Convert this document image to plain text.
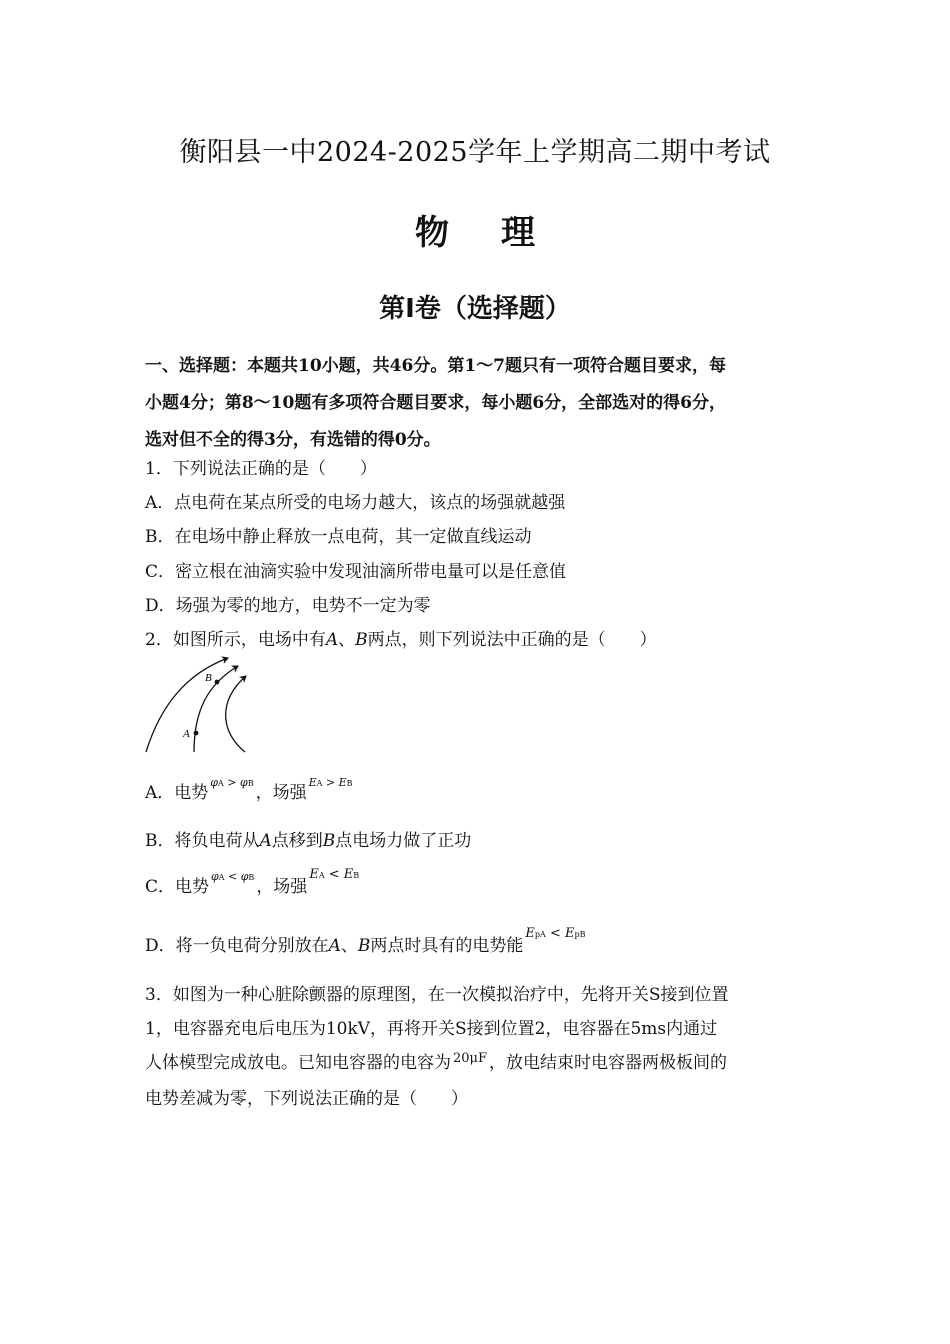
衡阳县一中2024-2025学年上学期高二期中考试
物 理
第Ⅰ卷（选择题）
一、选择题：本题共10小题，共46分。第1～7题只有一项符合题目要求，每
小题4分；第8～10题有多项符合题目要求，每小题6分，全部选对的得6分，
选对但不全的得3分，有选错的得0分。
1．下列说法正确的是（　　）
A．点电荷在某点所受的电场力越大，该点的场强就越强
B．在电场中静止释放一点电荷，其一定做直线运动
C．密立根在油滴实验中发现油滴所带电量可以是任意值
D．场强为零的地方，电势不一定为零
2．如图所示，电场中有A、B两点，则下列说法中正确的是（　　）
A
B
A．电势$^{\varphi A > \varphi B}$ ，场强$^{EA > EB}$
B．将负电荷从A点移到B点电场力做了正功
C．电势$^{\varphi A < \varphi B}$ ，场强$^{EA < EB}$
D．将一负电荷分别放在A、B两点时具有的电势能$^{EpA < EpB}$
3．如图为一种心脏除颤器的原理图，在一次模拟治疗中，先将开关S接到位置
1，电容器充电后电压为10kV，再将开关S接到位置2，电容器在5ms内通过
人体模型完成放电。已知电容器的电容为 $^{20\mu F}$ ，放电结束时电容器两极板间的
电势差减为零，下列说法正确的是（　　）
